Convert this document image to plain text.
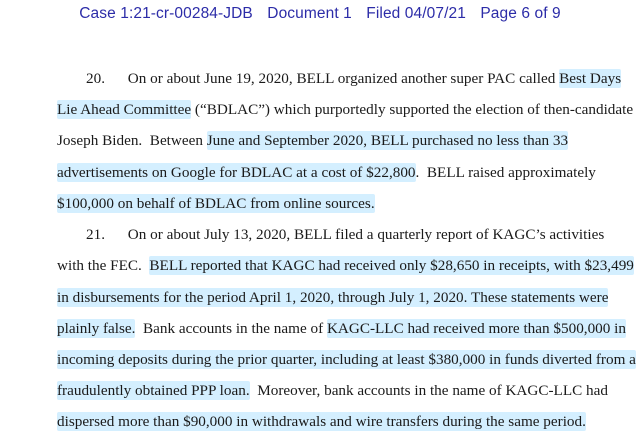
Case 1:21-cr-00284-JDB Document 1 Filed 04/07/21 Page 6 of 9
20.      On or about June 19, 2020, BELL organized another super PAC called Best Days
Lie Ahead Committee (“BDLAC”) which purportedly supported the election of then-candidate
Joseph Biden.  Between June and September 2020, BELL purchased no less than 33
advertisements on Google for BDLAC at a cost of $22,800.  BELL raised approximately
$100,000 on behalf of BDLAC from online sources.
21.      On or about July 13, 2020, BELL filed a quarterly report of KAGC’s activities
with the FEC.  BELL reported that KAGC had received only $28,650 in receipts, with $23,499
in disbursements for the period April 1, 2020, through July 1, 2020. These statements were
plainly false.  Bank accounts in the name of KAGC-LLC had received more than $500,000 in
incoming deposits during the prior quarter, including at least $380,000 in funds diverted from a
fraudulently obtained PPP loan.  Moreover, bank accounts in the name of KAGC-LLC had
dispersed more than $90,000 in withdrawals and wire transfers during the same period.
